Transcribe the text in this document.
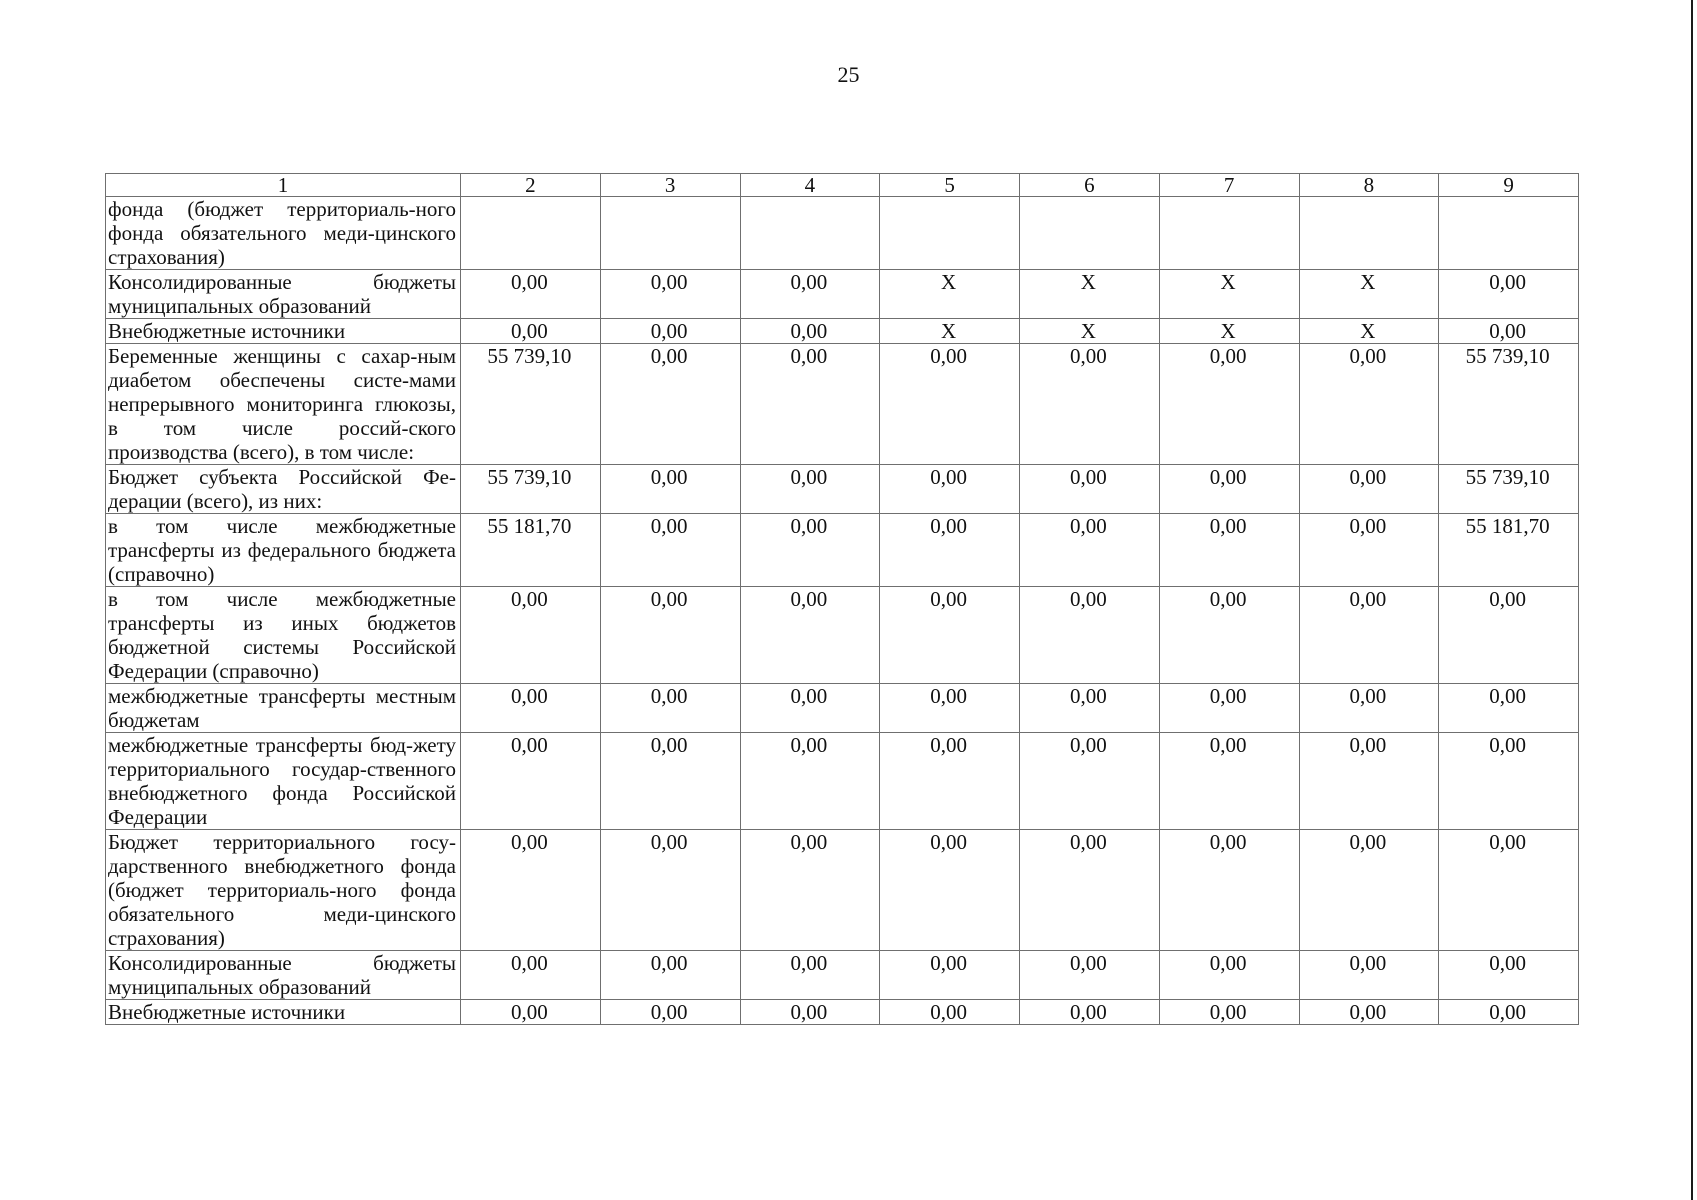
25
1	2	3	4	5	6	7	8	9
фонда (бюджет территориаль-ного фонда обязательного меди-цинского страхования)								
Консолидированные бюджеты муниципальных образований	0,00	0,00	0,00	X	X	X	X	0,00
Внебюджетные источники	0,00	0,00	0,00	X	X	X	X	0,00
Беременные женщины с сахар-ным диабетом обеспечены систе-мами непрерывного мониторинга глюкозы, в том числе россий-ского производства (всего), в том числе:	55 739,10	0,00	0,00	0,00	0,00	0,00	0,00	55 739,10
Бюджет субъекта Российской Фе-дерации (всего), из них:	55 739,10	0,00	0,00	0,00	0,00	0,00	0,00	55 739,10
в том числе межбюджетные трансферты из федерального бюджета (справочно)	55 181,70	0,00	0,00	0,00	0,00	0,00	0,00	55 181,70
в том числе межбюджетные трансферты из иных бюджетов бюджетной системы Российской Федерации (справочно)	0,00	0,00	0,00	0,00	0,00	0,00	0,00	0,00
межбюджетные трансферты местным бюджетам	0,00	0,00	0,00	0,00	0,00	0,00	0,00	0,00
межбюджетные трансферты бюд-жету территориального государ-ственного внебюджетного фонда Российской Федерации	0,00	0,00	0,00	0,00	0,00	0,00	0,00	0,00
Бюджет территориального госу-дарственного внебюджетного фонда (бюджет территориаль-ного фонда обязательного меди-цинского страхования)	0,00	0,00	0,00	0,00	0,00	0,00	0,00	0,00
Консолидированные бюджеты муниципальных образований	0,00	0,00	0,00	0,00	0,00	0,00	0,00	0,00
Внебюджетные источники	0,00	0,00	0,00	0,00	0,00	0,00	0,00	0,00
